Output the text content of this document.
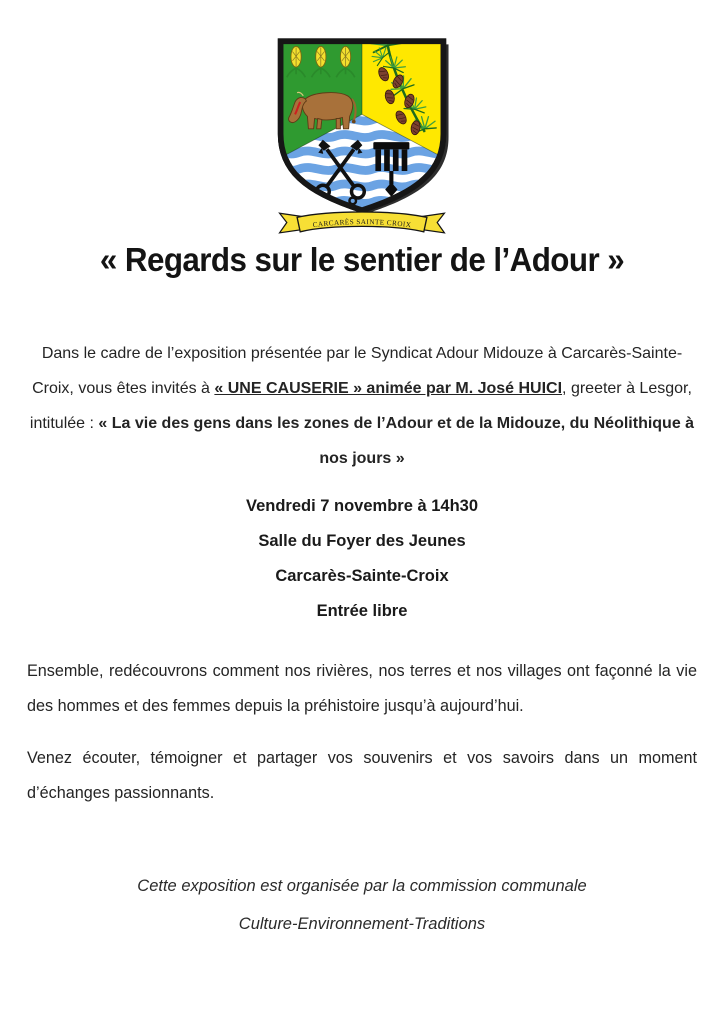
CARCARÈS SAINTE CROIX
« Regards sur le sentier de l’Adour »
Dans le cadre de l’exposition présentée par le Syndicat Adour Midouze à Carcarès-Sainte-Croix, vous êtes invités à « UNE CAUSERIE » animée par M. José HUICI, greeter à Lesgor, intitulée : « La vie des gens dans les zones de l’Adour et de la Midouze, du Néolithique à nos jours »
Vendredi 7 novembre à 14h30
Salle du Foyer des Jeunes
Carcarès-Sainte-Croix
Entrée libre
Ensemble, redécouvrons comment nos rivières, nos terres et nos villages ont façonné la vie des hommes et des femmes depuis la préhistoire jusqu’à aujourd’hui.
Venez écouter, témoigner et partager vos souvenirs et vos savoirs dans un moment d’échanges passionnants.
Cette exposition est organisée par la commission communale
Culture-Environnement-Traditions
